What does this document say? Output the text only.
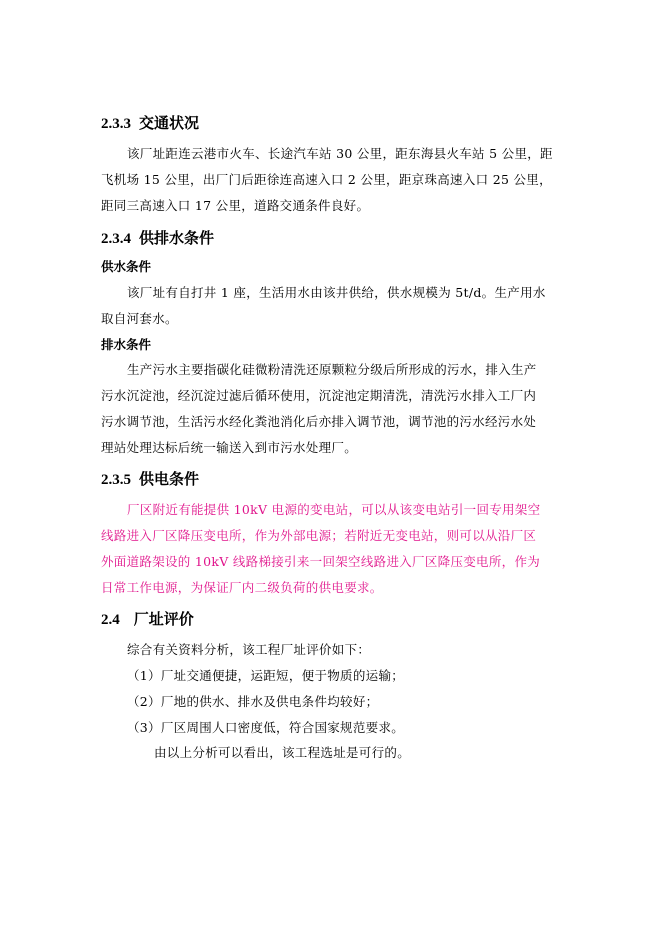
2.3.3 交通状况
该厂址距连云港市火车、长途汽车站 30 公里，距东海县火车站 5 公里，距
飞机场 15 公里，出厂门后距徐连高速入口 2 公里，距京珠高速入口 25 公里，
距同三高速入口 17 公里，道路交通条件良好。
2.3.4 供排水条件
供水条件
该厂址有自打井 1 座，生活用水由该井供给，供水规模为 5t/d。生产用水
取自河套水。
排水条件
生产污水主要指碳化硅微粉清洗还原颗粒分级后所形成的污水，排入生产
污水沉淀池，经沉淀过滤后循环使用，沉淀池定期清洗，清洗污水排入工厂内
污水调节池，生活污水经化粪池消化后亦排入调节池，调节池的污水经污水处
理站处理达标后统一输送入到市污水处理厂。
2.3.5 供电条件
厂区附近有能提供 10kV 电源的变电站，可以从该变电站引一回专用架空
线路进入厂区降压变电所，作为外部电源；若附近无变电站，则可以从沿厂区
外面道路架设的 10kV 线路梯接引来一回架空线路进入厂区降压变电所，作为
日常工作电源，为保证厂内二级负荷的供电要求。
2.4 厂址评价
综合有关资料分析，该工程厂址评价如下：
（1）厂址交通便捷，运距短，便于物质的运输；
（2）厂地的供水、排水及供电条件均较好；
（3）厂区周围人口密度低，符合国家规范要求。
由以上分析可以看出，该工程选址是可行的。
